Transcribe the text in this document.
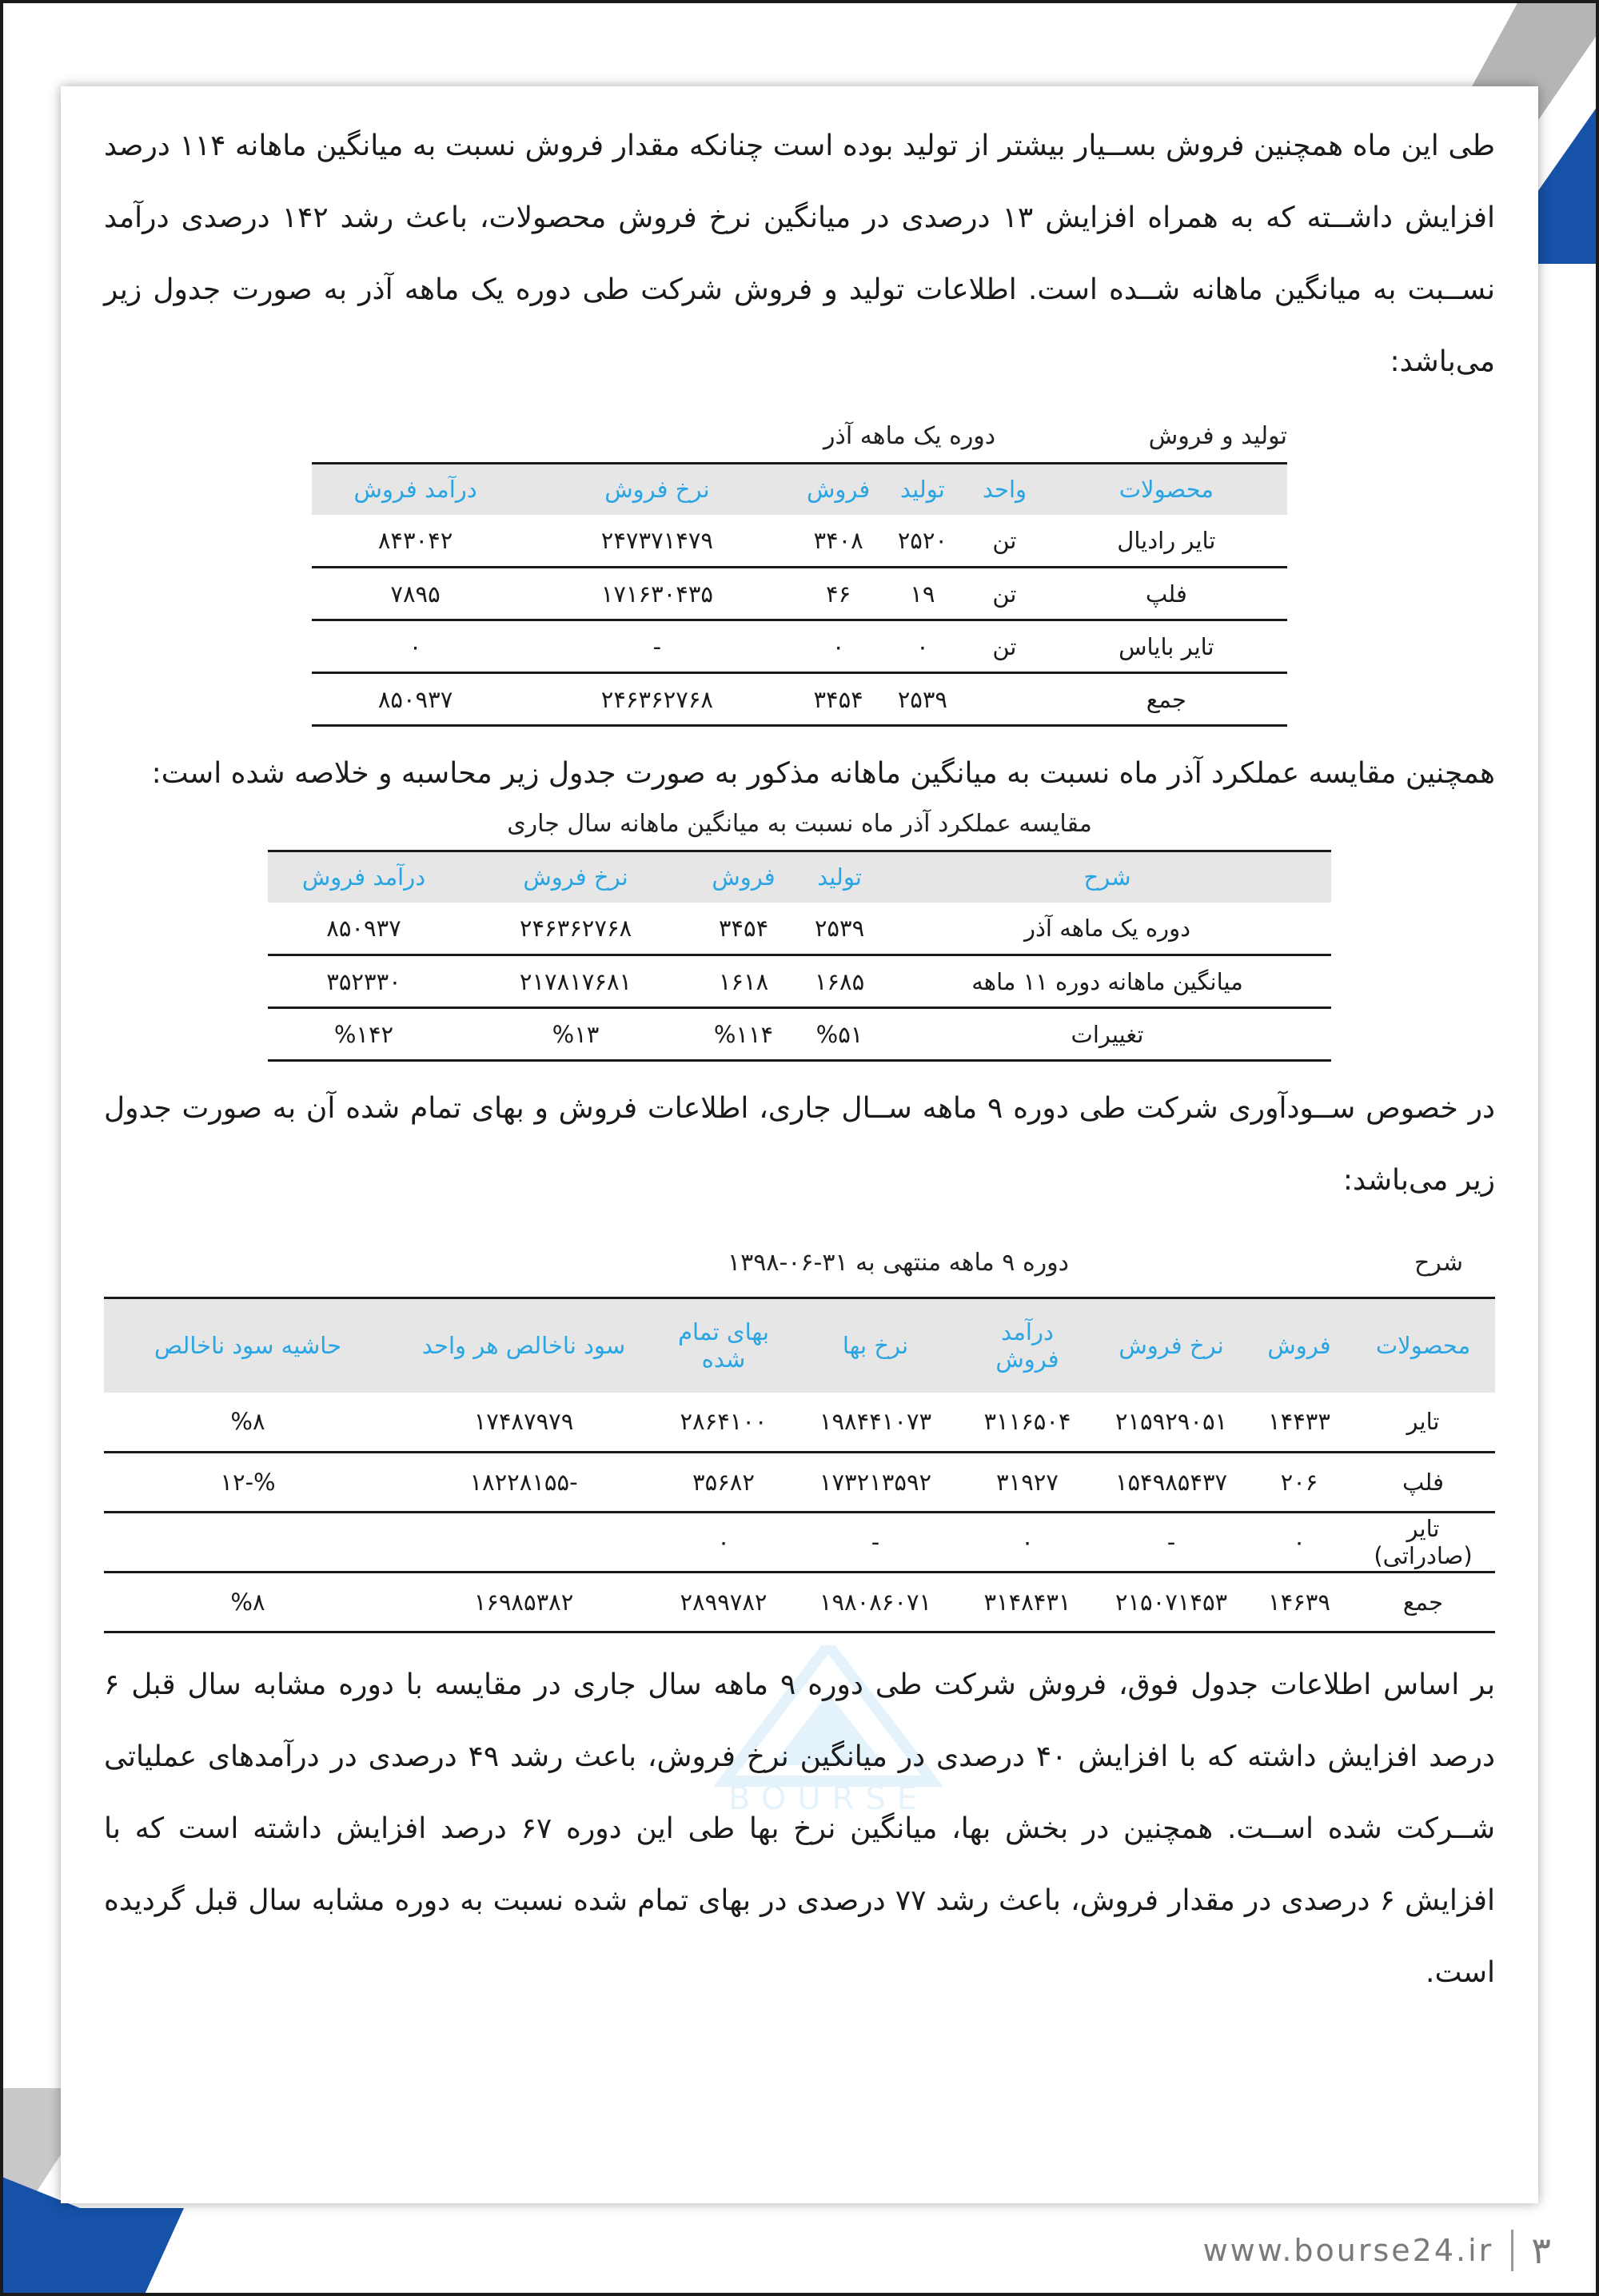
BOURSE

طی این ماه همچنین فروش بســیار بیشتر از تولید بوده است چنانکه مقدار فروش نسبت به میانگین ماهانه ۱۱۴ درصد افزایش داشــته که به همراه افزایش ۱۳ درصدی در میانگین نرخ فروش محصولات، باعث رشد ۱۴۲ درصدی درآمد نســبت به میانگین ماهانه شــده است. اطلاعات تولید و فروش شرکت طی دوره یک ماهه آذر به صورت جدول زیر می‌باشد:

تولید و فروش
دوره یک ماهه آذر
محصولات	واحد	تولید	فروش	نرخ فروش	درآمد فروش
تایر رادیال	تن	۲۵۲۰	۳۴۰۸	۲۴۷۳۷۱۴۷۹	۸۴۳۰۴۲
فلپ	تن	۱۹	۴۶	۱۷۱۶۳۰۴۳۵	۷۸۹۵
تایر بایاس	تن	۰	۰	-	۰
جمع		۲۵۳۹	۳۴۵۴	۲۴۶۳۶۲۷۶۸	۸۵۰۹۳۷

همچنین مقایسه عملکرد آذر ماه نسبت به میانگین ماهانه مذکور به صورت جدول زیر محاسبه و خلاصه شده است:

مقایسه عملکرد آذر ماه نسبت به میانگین ماهانه سال جاری
شرح	تولید	فروش	نرخ فروش	درآمد فروش
دوره یک ماهه آذر	۲۵۳۹	۳۴۵۴	۲۴۶۳۶۲۷۶۸	۸۵۰۹۳۷
میانگین ماهانه دوره ۱۱ ماهه	۱۶۸۵	۱۶۱۸	۲۱۷۸۱۷۶۸۱	۳۵۲۳۳۰
تغییرات	%۵۱	%۱۱۴	%۱۳	%۱۴۲

در خصوص ســودآوری شرکت طی دوره ۹ ماهه ســال جاری، اطلاعات فروش و بهای تمام شده آن به صورت جدول زیر می‌باشد:

شرح
دوره ۹ ماهه منتهی به ۳۱-۰۶-۱۳۹۸
محصولات	فروش	نرخ فروش	درآمد فروش	نرخ بها	بهای تمام شده	سود ناخالص هر واحد	حاشیه سود ناخالص
تایر	۱۴۴۳۳	۲۱۵۹۲۹۰۵۱	۳۱۱۶۵۰۴	۱۹۸۴۴۱۰۷۳	۲۸۶۴۱۰۰	۱۷۴۸۷۹۷۹	%۸
فلپ	۲۰۶	۱۵۴۹۸۵۴۳۷	۳۱۹۲۷	۱۷۳۲۱۳۵۹۲	۳۵۶۸۲	-۱۸۲۲۸۱۵۵	%-۱۲
تایر (صادراتی)	۰	-	۰	-	۰		
جمع	۱۴۶۳۹	۲۱۵۰۷۱۴۵۳	۳۱۴۸۴۳۱	۱۹۸۰۸۶۰۷۱	۲۸۹۹۷۸۲	۱۶۹۸۵۳۸۲	%۸

بر اساس اطلاعات جدول فوق، فروش شرکت طی دوره ۹ ماهه سال جاری در مقایسه با دوره مشابه سال قبل ۶ درصد افزایش داشته که با افزایش ۴۰ درصدی در میانگین نرخ فروش، باعث رشد ۴۹ درصدی در درآمدهای عملیاتی شــرکت شده اســت. همچنین در بخش بها، میانگین نرخ بها طی این دوره ۶۷ درصد افزایش داشته است که با افزایش ۶ درصدی در مقدار فروش، باعث رشد ۷۷ درصدی در بهای تمام شده نسبت به دوره مشابه سال قبل گردیده است.

www.bourse24.ir ۳
